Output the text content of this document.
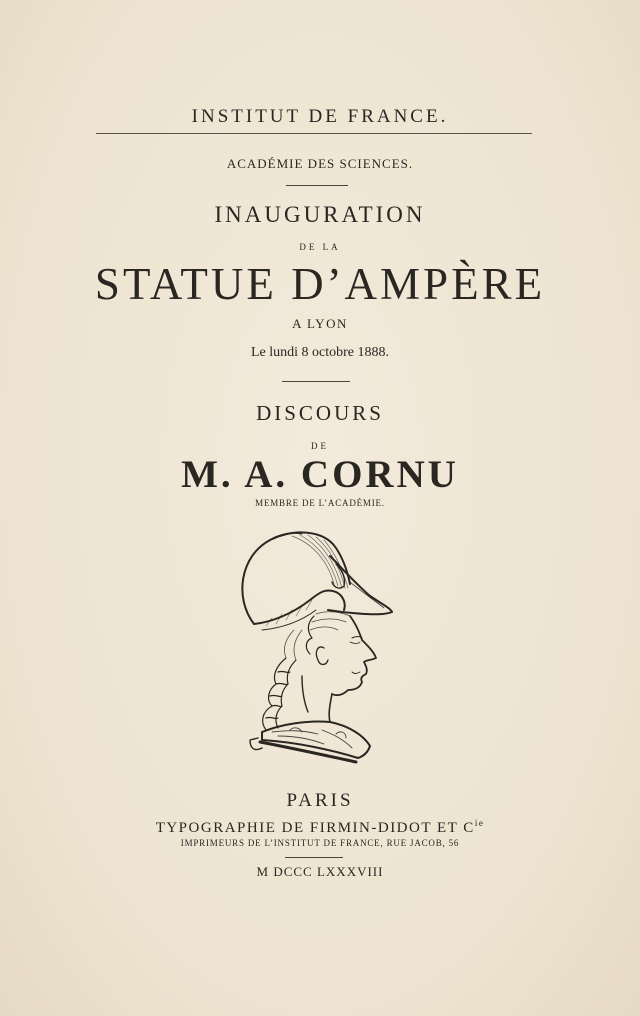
INSTITUT DE FRANCE.
ACADÉMIE DES SCIENCES.
INAUGURATION
DE LA
STATUE D’AMPÈRE
A LYON
Le lundi 8 octobre 1888.
DISCOURS
DE
M. A. CORNU
MEMBRE DE L’ACADÉMIE.
PARIS
TYPOGRAPHIE DE FIRMIN-DIDOT ET $C^{ie}$
IMPRIMEURS DE L’INSTITUT DE FRANCE, RUE JACOB, 56
M DCCC LXXXVIII
